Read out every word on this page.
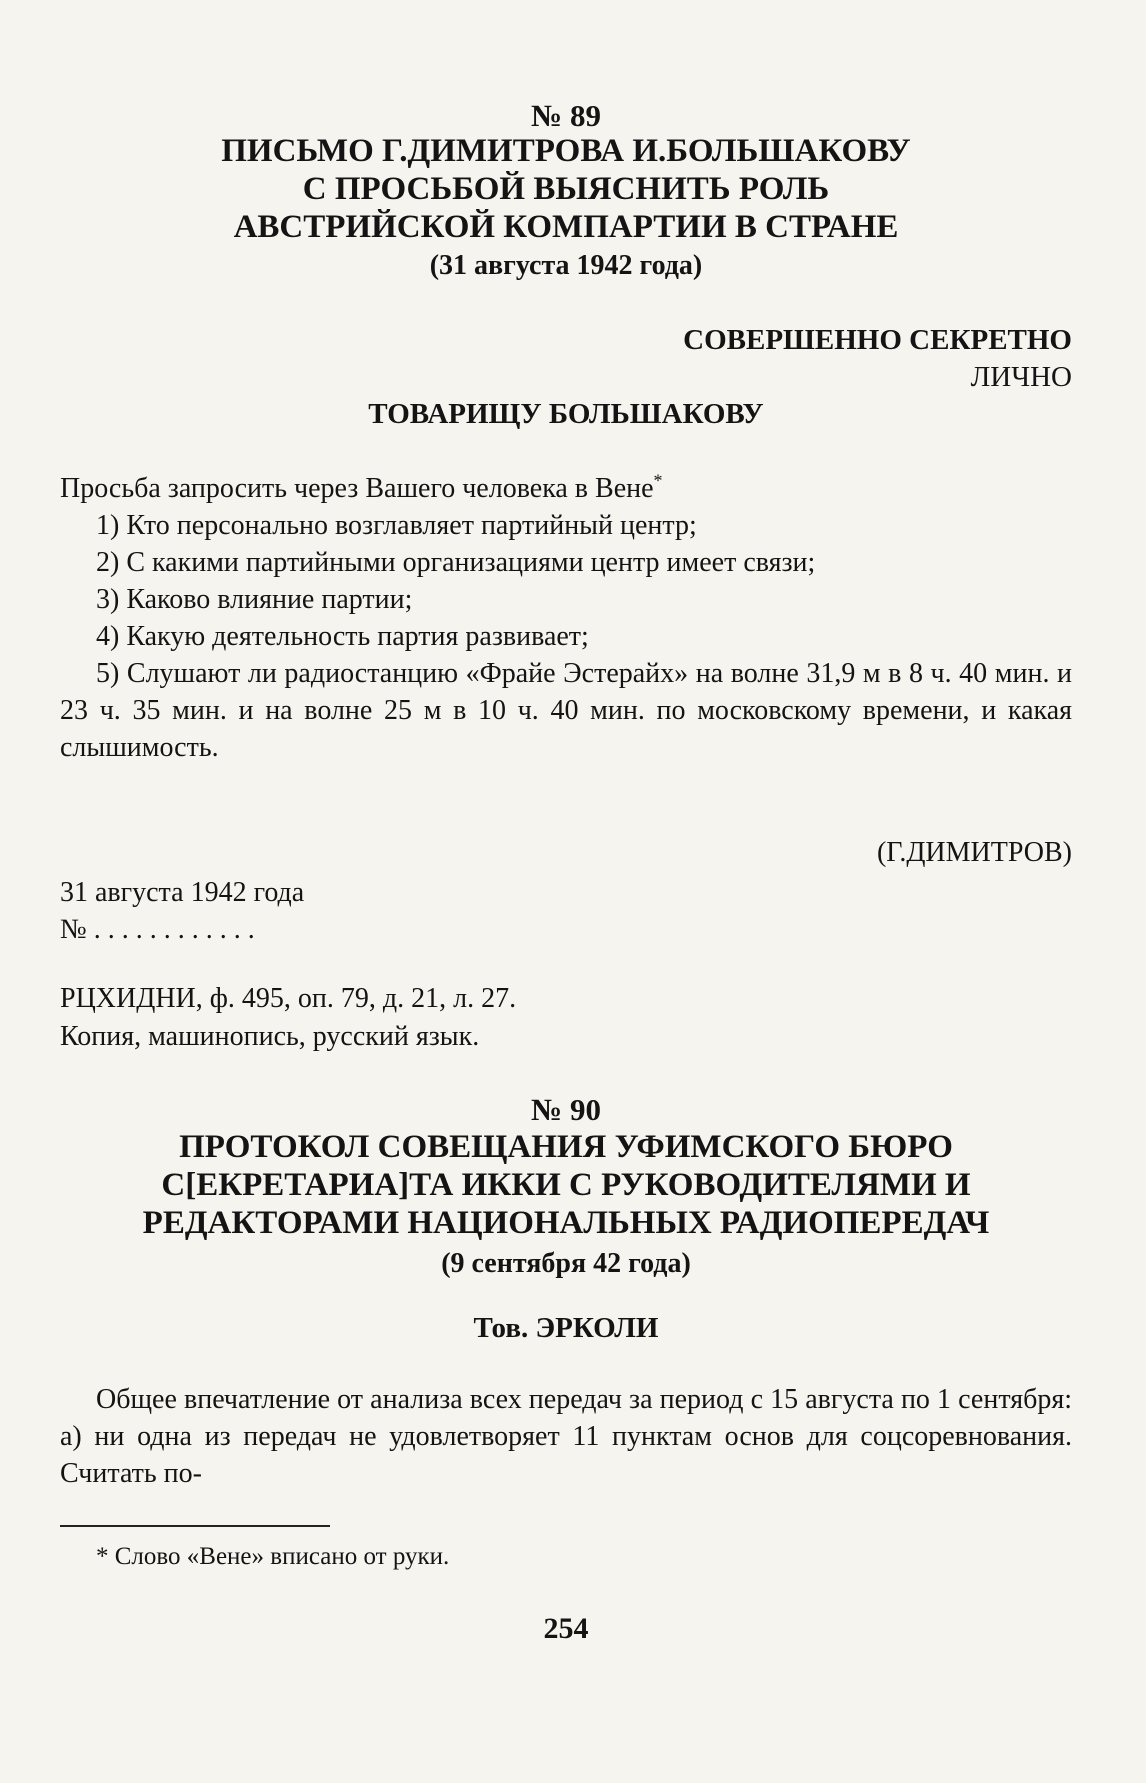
№ 89
ПИСЬМО Г.ДИМИТРОВА И.БОЛЬШАКОВУ
С ПРОСЬБОЙ ВЫЯСНИТЬ РОЛЬ
АВСТРИЙСКОЙ КОМПАРТИИ В СТРАНЕ
(31 августа 1942 года)
СОВЕРШЕННО СЕКРЕТНО
ЛИЧНО
ТОВАРИЩУ БОЛЬШАКОВУ

Просьба запросить через Вашего человека в Вене*

1) Кто персонально возглавляет партийный центр;

2) С какими партийными организациями центр имеет связи;

3) Каково влияние партии;

4) Какую деятельность партия развивает;

5) Слушают ли радиостанцию «Фрайе Эстерайх» на волне 31,9 м в 8 ч. 40 мин. и 23 ч. 35 мин. и на волне 25 м в 10 ч. 40 мин. по московскому времени, и какая слышимость.

(Г.ДИМИТРОВ)
31 августа 1942 года
№ . . . . . . . . . . . .
РЦХИДНИ, ф. 495, оп. 79, д. 21, л. 27.
Копия, машинопись, русский язык.
№ 90
ПРОТОКОЛ СОВЕЩАНИЯ УФИМСКОГО БЮРО
С[ЕКРЕТАРИА]ТА ИККИ С РУКОВОДИТЕЛЯМИ И
РЕДАКТОРАМИ НАЦИОНАЛЬНЫХ РАДИОПЕРЕДАЧ
(9 сентября 42 года)
Тов. ЭРКОЛИ

Общее впечатление от анализа всех передач за период с 15 августа по 1 сентября: а) ни одна из передач не удовлетворяет 11 пунктам основ для соцсоревнования. Считать по-

* Слово «Вене» вписано от руки.
254
